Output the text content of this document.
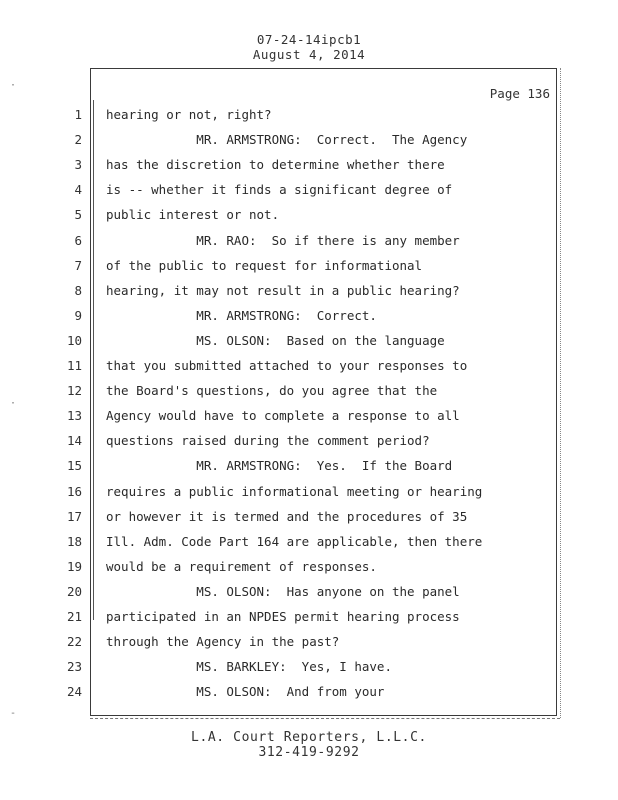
07-24-14ipcb1
August 4, 2014
Page 136
1 hearing or not, right?
2 MR. ARMSTRONG:  Correct.  The Agency
3 has the discretion to determine whether there
4 is -- whether it finds a significant degree of
5 public interest or not.
6 MR. RAO:  So if there is any member
7 of the public to request for informational
8 hearing, it may not result in a public hearing?
9 MR. ARMSTRONG:  Correct.
10 MS. OLSON:  Based on the language
11 that you submitted attached to your responses to
12 the Board's questions, do you agree that the
13 Agency would have to complete a response to all
14 questions raised during the comment period?
15 MR. ARMSTRONG:  Yes.  If the Board
16 requires a public informational meeting or hearing
17 or however it is termed and the procedures of 35
18 Ill. Adm. Code Part 164 are applicable, then there
19 would be a requirement of responses.
20 MS. OLSON:  Has anyone on the panel
21 participated in an NPDES permit hearing process
22 through the Agency in the past?
23 MS. BARKLEY:  Yes, I have.
24 MS. OLSON:  And from your
L.A. Court Reporters, L.L.C.
312-419-9292
·
·
-
